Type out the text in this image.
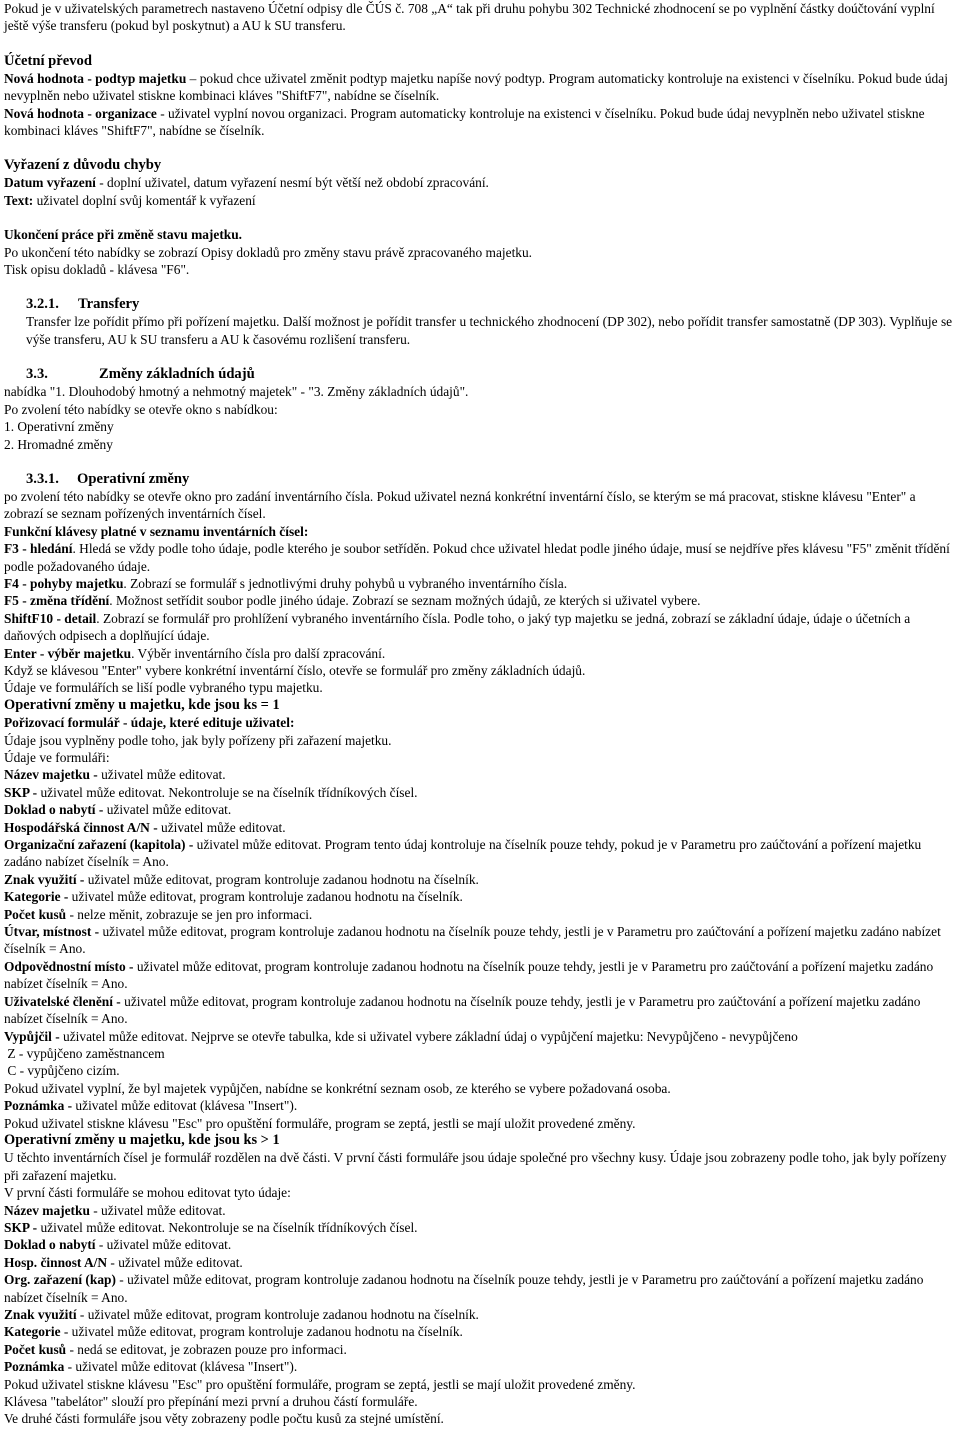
Pokud je v uživatelských parametrech nastaveno Účetní odpisy dle ČÚS č. 708 „A“ tak při druhu pohybu 302 Technické zhodnocení se po vyplnění částky doúčtování vyplní ještě výše transferu (pokud byl poskytnut) a AU k SU transferu.

Účetní převod

Nová hodnota - podtyp majetku – pokud chce uživatel změnit podtyp majetku napíše nový podtyp. Program automaticky kontroluje na existenci v číselníku. Pokud bude údaj nevyplněn nebo uživatel stiskne kombinaci kláves "ShiftF7", nabídne se číselník.

Nová hodnota - organizace - uživatel vyplní novou organizaci. Program automaticky kontroluje na existenci v číselníku. Pokud bude údaj nevyplněn nebo uživatel stiskne kombinaci kláves "ShiftF7", nabídne se číselník.

Vyřazení z důvodu chyby

Datum vyřazení - doplní uživatel, datum vyřazení nesmí být větší než období zpracování.

Text: uživatel doplní svůj komentář k vyřazení

Ukončení práce při změně stavu majetku.

Po ukončení této nabídky se zobrazí Opisy dokladů pro změny stavu právě zpracovaného majetku.

Tisk opisu dokladů - klávesa "F6".

3.2.1.	Transfery

Transfer lze pořídit přímo při pořízení majetku. Další možnost je pořídit transfer u technického zhodnocení (DP 302), nebo pořídit transfer samostatně (DP 303). Vyplňuje se výše transferu, AU k SU transferu a AU k časovému rozlišení transferu.

3.3.	Změny základních údajů

nabídka "1. Dlouhodobý hmotný a nehmotný majetek" - "3. Změny základních údajů".

Po zvolení této nabídky se otevře okno s nabídkou:

1. Operativní změny

2. Hromadné změny

3.3.1.	Operativní změny

po zvolení této nabídky se otevře okno pro zadání inventárního čísla. Pokud uživatel nezná konkrétní inventární číslo, se kterým se má pracovat, stiskne klávesu "Enter" a zobrazí se seznam pořízených inventárních čísel.

Funkční klávesy platné v seznamu inventárních čísel:

F3 - hledání. Hledá se vždy podle toho údaje, podle kterého je soubor setříděn. Pokud chce uživatel hledat podle jiného údaje, musí se nejdříve přes klávesu "F5" změnit třídění podle požadovaného údaje.

F4 - pohyby majetku. Zobrazí se formulář s jednotlivými druhy pohybů u vybraného inventárního čísla.

F5 - změna třídění. Možnost setřídit soubor podle jiného údaje. Zobrazí se seznam možných údajů, ze kterých si uživatel vybere.

ShiftF10 - detail. Zobrazí se formulář pro prohlížení vybraného inventárního čísla. Podle toho, o jaký typ majetku se jedná, zobrazí se základní údaje, údaje o účetních a daňových odpisech a doplňující údaje.

Enter - výběr majetku. Výběr inventárního čísla pro další zpracování.

Když se klávesou "Enter" vybere konkrétní inventární číslo, otevře se formulář pro změny základních údajů.

Údaje ve formulářích se liší podle vybraného typu majetku.

Operativní změny u majetku, kde jsou ks = 1

Pořizovací formulář - údaje, které edituje uživatel:

Údaje jsou vyplněny podle toho, jak byly pořízeny při zařazení majetku.

Údaje ve formuláři:

Název majetku - uživatel může editovat.

SKP - uživatel může editovat. Nekontroluje se na číselník třídníkových čísel.

Doklad o nabytí - uživatel může editovat.

Hospodářská činnost A/N - uživatel může editovat.

Organizační zařazení (kapitola) - uživatel může editovat. Program tento údaj kontroluje na číselník pouze tehdy, pokud je v Parametru pro zaúčtování a pořízení majetku zadáno nabízet číselník = Ano.

Znak využití - uživatel může editovat, program kontroluje zadanou hodnotu na číselník.

Kategorie - uživatel může editovat, program kontroluje zadanou hodnotu na číselník.

Počet kusů - nelze měnit, zobrazuje se jen pro informaci.

Útvar, místnost - uživatel může editovat, program kontroluje zadanou hodnotu na číselník pouze tehdy, jestli je v Parametru pro zaúčtování a pořízení majetku zadáno nabízet číselník = Ano.

Odpovědnostní místo - uživatel může editovat, program kontroluje zadanou hodnotu na číselník pouze tehdy, jestli je v Parametru pro zaúčtování a pořízení majetku zadáno nabízet číselník = Ano.

Uživatelské členění - uživatel může editovat, program kontroluje zadanou hodnotu na číselník pouze tehdy, jestli je v Parametru pro zaúčtování a pořízení majetku zadáno nabízet číselník = Ano.

Vypůjčil - uživatel může editovat. Nejprve se otevře tabulka, kde si uživatel vybere základní údaj o vypůjčení majetku: Nevypůjčeno - nevypůjčeno

Z - vypůjčeno zaměstnancem

C - vypůjčeno cizím.

Pokud uživatel vyplní, že byl majetek vypůjčen, nabídne se konkrétní seznam osob, ze kterého se vybere požadovaná osoba.

Poznámka - uživatel může editovat (klávesa "Insert").

Pokud uživatel stiskne klávesu "Esc" pro opuštění formuláře, program se zeptá, jestli se mají uložit provedené změny.

Operativní změny u majetku, kde jsou ks > 1

U těchto inventárních čísel je formulář rozdělen na dvě části. V první části formuláře jsou údaje společné pro všechny kusy. Údaje jsou zobrazeny podle toho, jak byly pořízeny při zařazení majetku.

V první části formuláře se mohou editovat tyto údaje:

Název majetku - uživatel může editovat.

SKP - uživatel může editovat. Nekontroluje se na číselník třídníkových čísel.

Doklad o nabytí - uživatel může editovat.

Hosp. činnost A/N - uživatel může editovat.

Org. zařazení (kap) - uživatel může editovat, program kontroluje zadanou hodnotu na číselník pouze tehdy, jestli je v Parametru pro zaúčtování a pořízení majetku zadáno nabízet číselník = Ano.

Znak využití - uživatel může editovat, program kontroluje zadanou hodnotu na číselník.

Kategorie - uživatel může editovat, program kontroluje zadanou hodnotu na číselník.

Počet kusů - nedá se editovat, je zobrazen pouze pro informaci.

Poznámka - uživatel může editovat (klávesa "Insert").

Pokud uživatel stiskne klávesu "Esc" pro opuštění formuláře, program se zeptá, jestli se mají uložit provedené změny.

Klávesa "tabelátor" slouží pro přepínání mezi první a druhou částí formuláře.

Ve druhé části formuláře jsou věty zobrazeny podle počtu kusů za stejné umístění.
